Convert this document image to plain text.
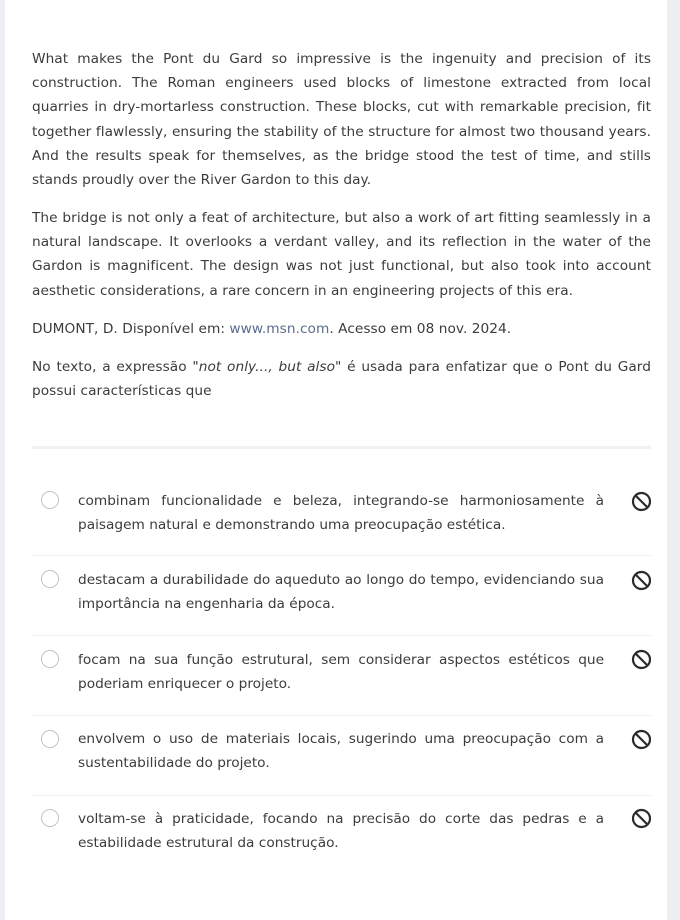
What makes the Pont du Gard so impressive is the ingenuity and precision of its construction. The Roman engineers used blocks of limestone extracted from local quarries in dry-mortarless construction. These blocks, cut with remarkable precision, fit together flawlessly, ensuring the stability of the structure for almost two thousand years. And the results speak for themselves, as the bridge stood the test of time, and stills stands proudly over the River Gardon to this day.

The bridge is not only a feat of architecture, but also a work of art fitting seamlessly in a natural landscape. It overlooks a verdant valley, and its reflection in the water of the Gardon is magnificent. The design was not just functional, but also took into account aesthetic considerations, a rare concern in an engineering projects of this era.

DUMONT, D. Disponível em: www.msn.com. Acesso em 08 nov. 2024.

No texto, a expressão "not only..., but also" é usada para enfatizar que o Pont du Gard possui características que

combinam funcionalidade e beleza, integrando-se harmoniosamente à paisagem natural e demonstrando uma preocupação estética.

destacam a durabilidade do aqueduto ao longo do tempo, evidenciando sua importância na engenharia da época.

focam na sua função estrutural, sem considerar aspectos estéticos que poderiam enriquecer o projeto.

envolvem o uso de materiais locais, sugerindo uma preocupação com a sustentabilidade do projeto.

voltam-se à praticidade, focando na precisão do corte das pedras e a estabilidade estrutural da construção.
